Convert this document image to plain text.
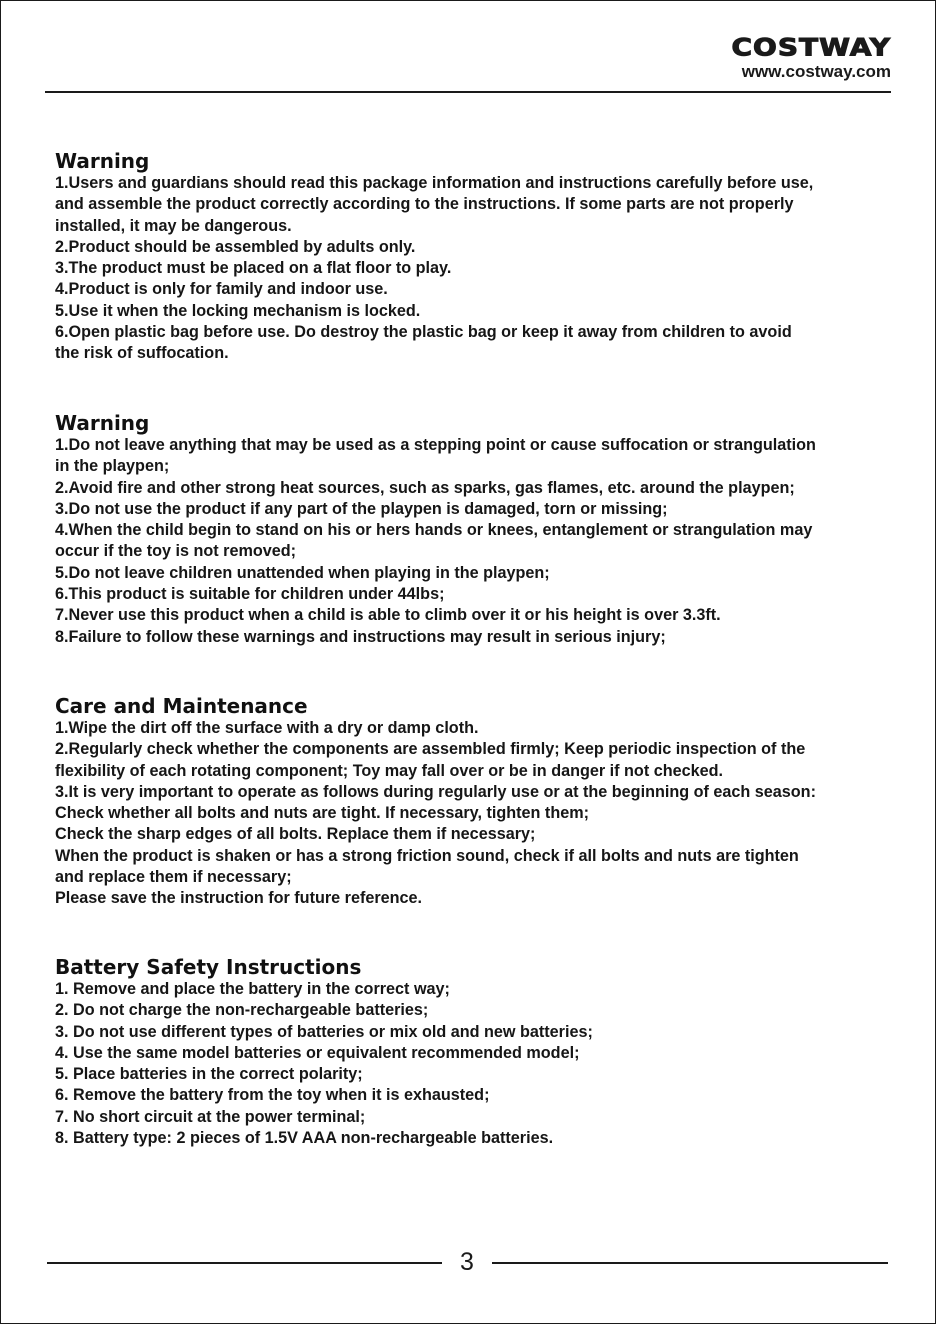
COSTWAY
www.costway.com
Warning
1.Users and guardians should read this package information and instructions carefully before use,
and assemble the product correctly according to the instructions. If some parts are not properly
installed, it may be dangerous.
2.Product should be assembled by adults only.
3.The product must be placed on a flat floor to play.
4.Product is only for family and indoor use.
5.Use it when the locking mechanism is locked.
6.Open plastic bag before use. Do destroy the plastic bag or keep it away from children to avoid
the risk of suffocation.
Warning
1.Do not leave anything that may be used as a stepping point or cause suffocation or strangulation
in the playpen;
2.Avoid fire and other strong heat sources, such as sparks, gas flames, etc. around the playpen;
3.Do not use the product if any part of the playpen is damaged, torn or missing;
4.When the child begin to stand on his or hers hands or knees, entanglement or strangulation may
occur if the toy is not removed;
5.Do not leave children unattended when playing in the playpen;
6.This product is suitable for children under 44lbs;
7.Never use this product when a child is able to climb over it or his height is over 3.3ft.
8.Failure to follow these warnings and instructions may result in serious injury;
Care and Maintenance
1.Wipe the dirt off the surface with a dry or damp cloth.
2.Regularly check whether the components are assembled firmly; Keep periodic inspection of the
flexibility of each rotating component; Toy may fall over or be in danger if not checked.
3.It is very important to operate as follows during regularly use or at the beginning of each season:
Check whether all bolts and nuts are tight. If necessary, tighten them;
Check the sharp edges of all bolts. Replace them if necessary;
When the product is shaken or has a strong friction sound, check if all bolts and nuts are tighten
and replace them if necessary;
Please save the instruction for future reference.
Battery Safety Instructions
1. Remove and place the battery in the correct way;
2. Do not charge the non-rechargeable batteries;
3. Do not use different types of batteries or mix old and new batteries;
4. Use the same model batteries or equivalent recommended model;
5. Place batteries in the correct polarity;
6. Remove the battery from the toy when it is exhausted;
7. No short circuit at the power terminal;
8. Battery type: 2 pieces of 1.5V AAA non-rechargeable batteries.
3
